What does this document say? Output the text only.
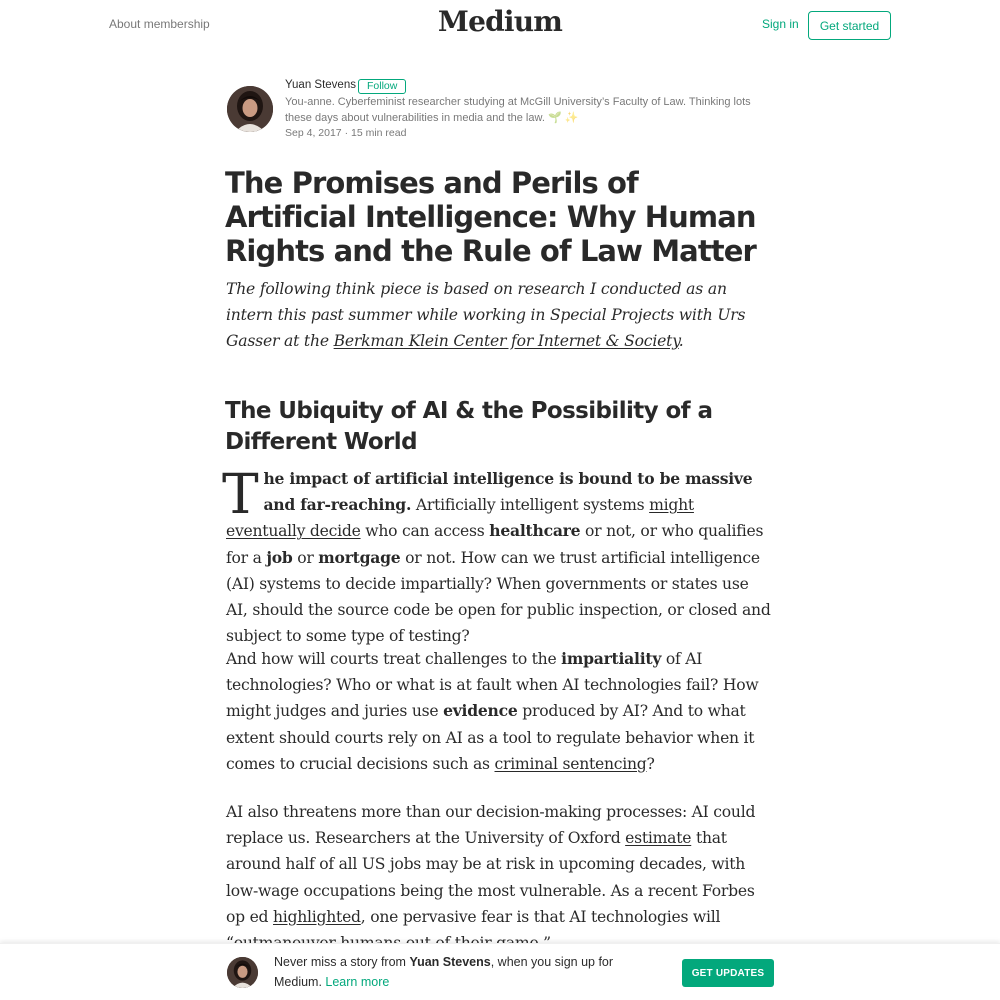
About membership	Medium	Sign in	Get started
Yuan Stevens	Follow
You-anne. Cyberfeminist researcher studying at McGill University’s Faculty of Law. Thinking lots these days about vulnerabilities in media and the law. 🌱 ✨
Sep 4, 2017 · 15 min read
The Promises and Perils of Artificial Intelligence: Why Human Rights and the Rule of Law Matter

The following think piece is based on research I conducted as an intern this past summer while working in Special Projects with Urs Gasser at the Berkman Klein Center for Internet & Society.

The Ubiquity of AI & the Possibility of a Different World

The impact of artificial intelligence is bound to be massive and far-reaching. Artificially intelligent systems might eventually decide who can access healthcare or not, or who qualifies for a job or mortgage or not. How can we trust artificial intelligence (AI) systems to decide impartially? When governments or states use AI, should the source code be open for public inspection, or closed and subject to some type of testing?

And how will courts treat challenges to the impartiality of AI technologies? Who or what is at fault when AI technologies fail? How might judges and juries use evidence produced by AI? And to what extent should courts rely on AI as a tool to regulate behavior when it comes to crucial decisions such as criminal sentencing?

AI also threatens more than our decision-making processes: AI could replace us. Researchers at the University of Oxford estimate that around half of all US jobs may be at risk in upcoming decades, with low-wage occupations being the most vulnerable. As a recent Forbes op ed highlighted, one pervasive fear is that AI technologies will

Never miss a story from Yuan Stevens, when you sign up for Medium. Learn more
GET UPDATES
